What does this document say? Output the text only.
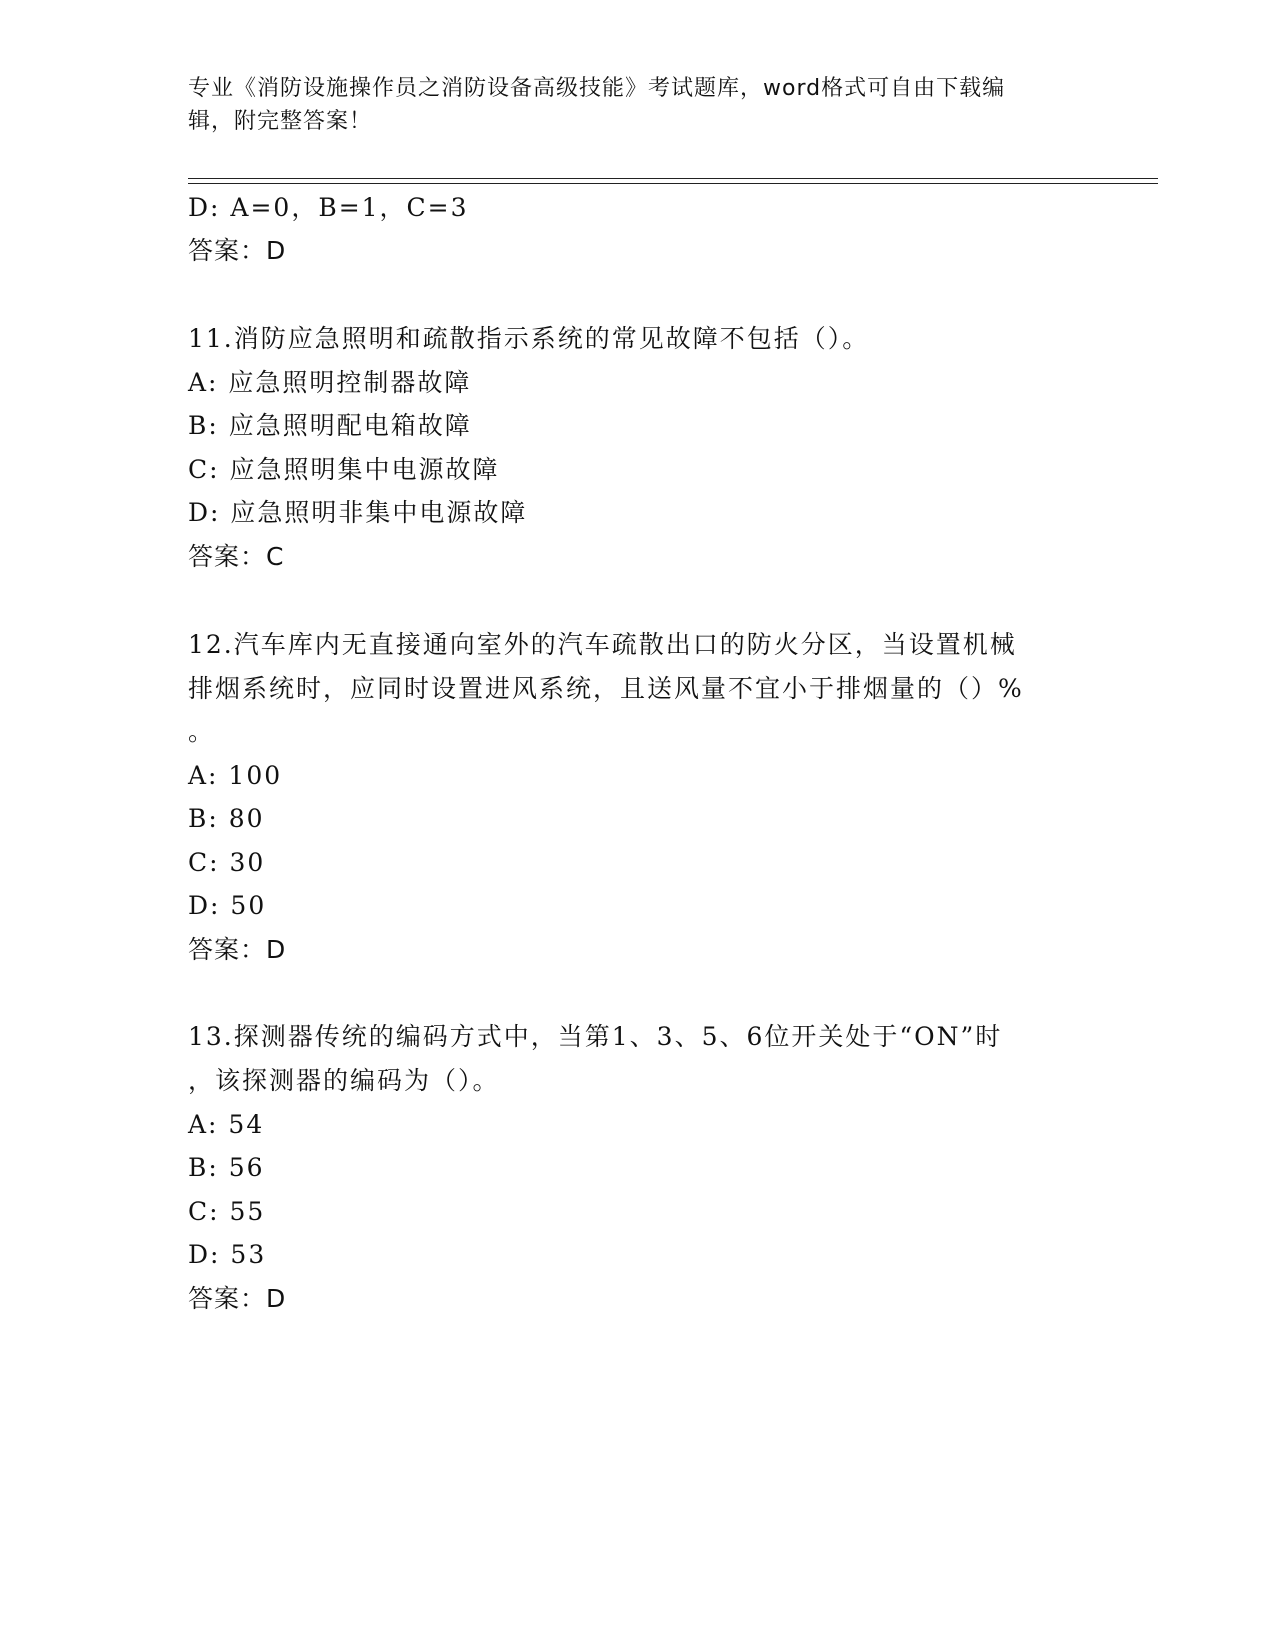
专业《消防设施操作员之消防设备高级技能》考试题库，word格式可自由下载编
辑，附完整答案！
D: A=0，B=1，C=3
答案：D
11.消防应急照明和疏散指示系统的常见故障不包括（）。
A: 应急照明控制器故障
B: 应急照明配电箱故障
C: 应急照明集中电源故障
D: 应急照明非集中电源故障
答案：C
12.汽车库内无直接通向室外的汽车疏散出口的防火分区，当设置机械
排烟系统时，应同时设置进风系统，且送风量不宜小于排烟量的（）%
。
A: 100
B: 80
C: 30
D: 50
答案：D
13.探测器传统的编码方式中，当第1、3、5、6位开关处于“ON”时
，该探测器的编码为（）。
A: 54
B: 56
C: 55
D: 53
答案：D
